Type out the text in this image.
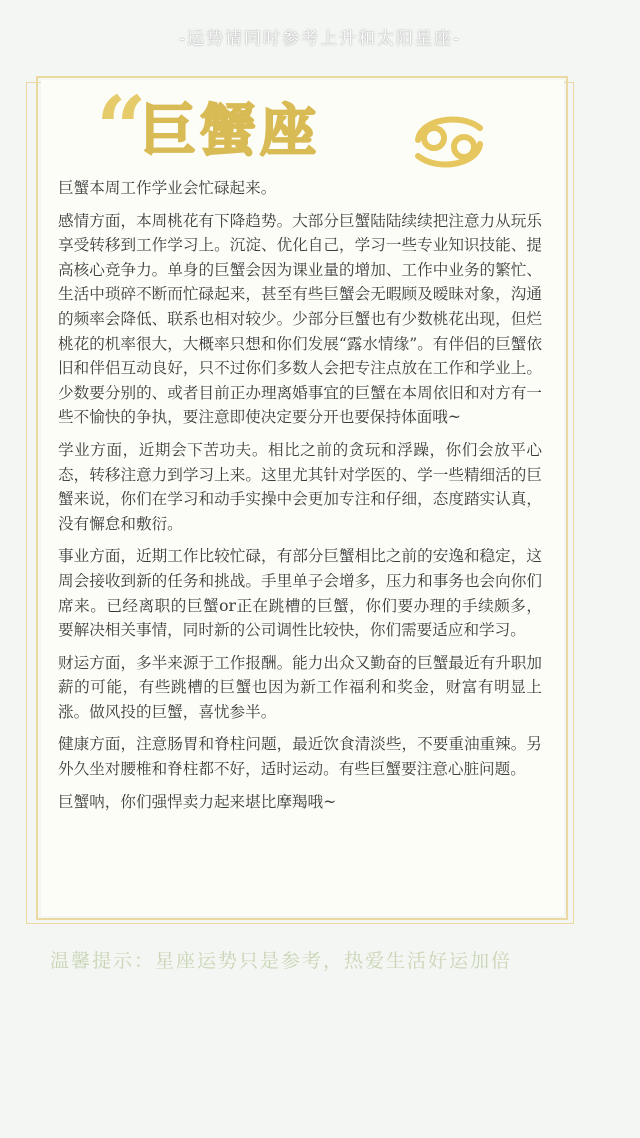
-运势请同时参考上升和太阳星座-
“
巨蟹座

巨蟹本周工作学业会忙碌起来。

感情方面，本周桃花有下降趋势。大部分巨蟹陆陆续续把注意力从玩乐享受转移到工作学习上。沉淀、优化自己，学习一些专业知识技能、提高核心竞争力。单身的巨蟹会因为课业量的增加、工作中业务的繁忙、生活中琐碎不断而忙碌起来，甚至有些巨蟹会无暇顾及暧昧对象，沟通的频率会降低、联系也相对较少。少部分巨蟹也有少数桃花出现，但烂桃花的机率很大，大概率只想和你们发展“露水情缘”。有伴侣的巨蟹依旧和伴侣互动良好，只不过你们多数人会把专注点放在工作和学业上。少数要分别的、或者目前正办理离婚事宜的巨蟹在本周依旧和对方有一些不愉快的争执，要注意即使决定要分开也要保持体面哦~

学业方面，近期会下苦功夫。相比之前的贪玩和浮躁，你们会放平心态，转移注意力到学习上来。这里尤其针对学医的、学一些精细活的巨蟹来说，你们在学习和动手实操中会更加专注和仔细，态度踏实认真，没有懈怠和敷衍。

事业方面，近期工作比较忙碌，有部分巨蟹相比之前的安逸和稳定，这周会接收到新的任务和挑战。手里单子会增多，压力和事务也会向你们席来。已经离职的巨蟹or正在跳槽的巨蟹，你们要办理的手续颇多，要解决相关事情，同时新的公司调性比较快，你们需要适应和学习。

财运方面，多半来源于工作报酬。能力出众又勤奋的巨蟹最近有升职加薪的可能，有些跳槽的巨蟹也因为新工作福利和奖金，财富有明显上涨。做风投的巨蟹，喜忧参半。

健康方面，注意肠胃和脊柱问题，最近饮食清淡些，不要重油重辣。另外久坐对腰椎和脊柱都不好，适时运动。有些巨蟹要注意心脏问题。

巨蟹呐，你们强悍卖力起来堪比摩羯哦~

温馨提示：星座运势只是参考，热爱生活好运加倍
